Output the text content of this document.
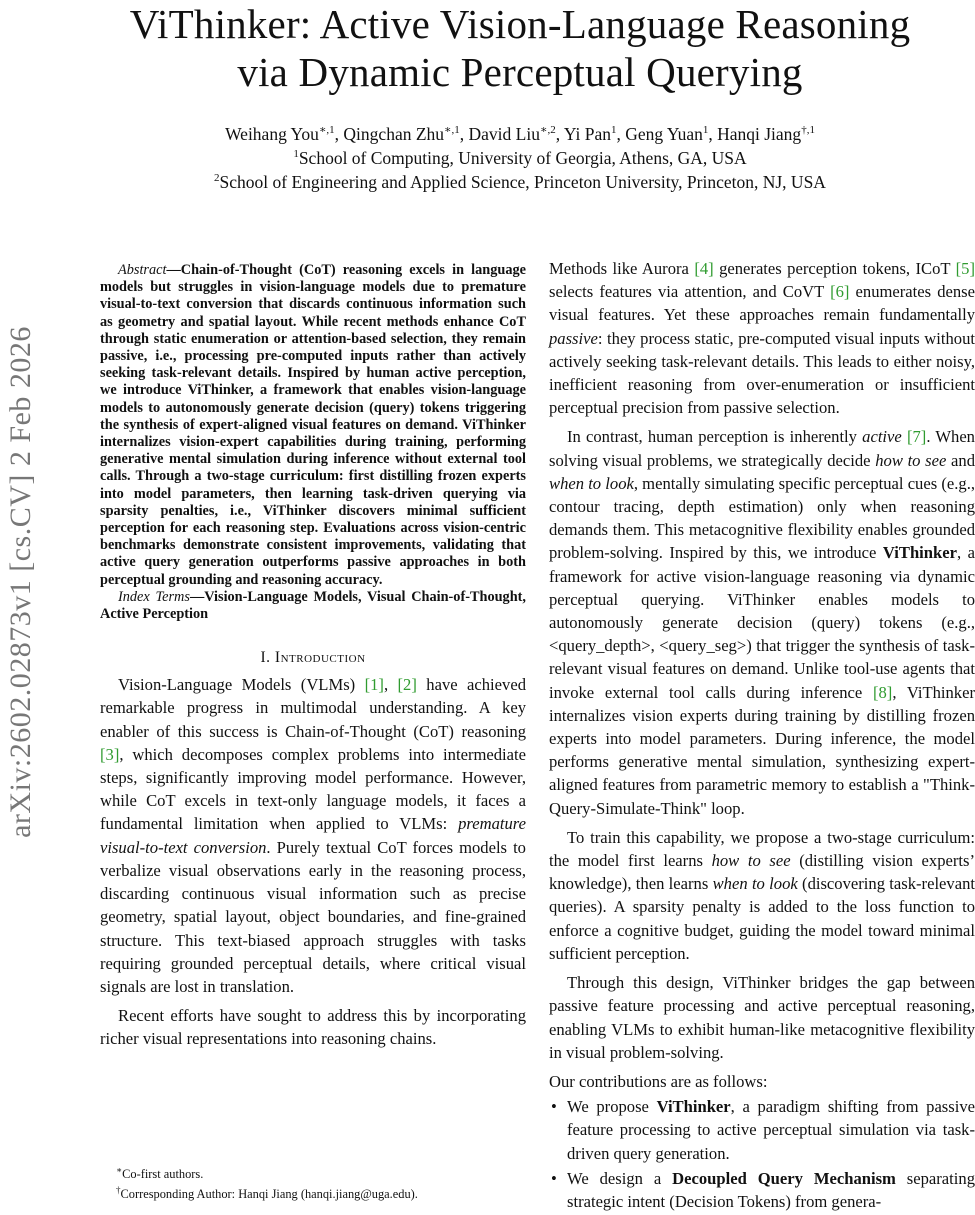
ViThinker: Active Vision-Language Reasoning
via Dynamic Perceptual Querying
Weihang You$^{∗,1}$, Qingchan Zhu$^{∗,1}$, David Liu$^{∗,2}$, Yi Pan$^1$, Geng Yuan$^1$, Hanqi Jiang$^{\dagger,1}$
$^1$School of Computing, University of Georgia, Athens, GA, USA
$^2$School of Engineering and Applied Science, Princeton University, Princeton, NJ, USA
arXiv:2602.02873v1 [cs.CV] 2 Feb 2026

Abstract—Chain-of-Thought (CoT) reasoning excels in language models but struggles in vision-language models due to premature visual-to-text conversion that discards continuous information such as geometry and spatial layout. While recent methods enhance CoT through static enumeration or attention-based selection, they remain passive, i.e., processing pre-computed inputs rather than actively seeking task-relevant details. Inspired by human active perception, we introduce ViThinker, a framework that enables vision-language models to autonomously generate decision (query) tokens triggering the synthesis of expert-aligned visual features on demand. ViThinker internalizes vision-expert capabilities during training, performing generative mental simulation during inference without external tool calls. Through a two-stage curriculum: first distilling frozen experts into model parameters, then learning task-driven querying via sparsity penalties, i.e., ViThinker discovers minimal sufficient perception for each reasoning step. Evaluations across vision-centric benchmarks demonstrate consistent improvements, validating that active query generation outperforms passive approaches in both perceptual grounding and reasoning accuracy.

Index Terms—Vision-Language Models, Visual Chain-of-Thought, Active Perception

I. Introduction

Vision-Language Models (VLMs) [1], [2] have achieved remarkable progress in multimodal understanding. A key enabler of this success is Chain-of-Thought (CoT) reasoning [3], which decomposes complex problems into intermediate steps, significantly improving model performance. However, while CoT excels in text-only language models, it faces a fundamental limitation when applied to VLMs: premature visual-to-text conversion. Purely textual CoT forces models to verbalize visual observations early in the reasoning process, discarding continuous visual information such as precise geometry, spatial layout, object boundaries, and fine-grained structure. This text-biased approach struggles with tasks requiring grounded perceptual details, where critical visual signals are lost in translation.

Recent efforts have sought to address this by incorporating richer visual representations into reasoning chains.

Methods like Aurora [4] generates perception tokens, ICoT [5] selects features via attention, and CoVT [6] enumerates dense visual features. Yet these approaches remain fundamentally passive: they process static, pre-computed visual inputs without actively seeking task-relevant details. This leads to either noisy, inefficient reasoning from over-enumeration or insufficient perceptual precision from passive selection.

In contrast, human perception is inherently active [7]. When solving visual problems, we strategically decide how to see and when to look, mentally simulating specific perceptual cues (e.g., contour tracing, depth estimation) only when reasoning demands them. This metacognitive flexibility enables grounded problem-solving. Inspired by this, we introduce ViThinker, a framework for active vision-language reasoning via dynamic perceptual querying. ViThinker enables models to autonomously generate decision (query) tokens (e.g., <query_depth>, <query_seg>) that trigger the synthesis of task-relevant visual features on demand. Unlike tool-use agents that invoke external tool calls during inference [8], ViThinker internalizes vision experts during training by distilling frozen experts into model parameters. During inference, the model performs generative mental simulation, synthesizing expert-aligned features from parametric memory to establish a "Think-Query-Simulate-Think" loop.

To train this capability, we propose a two-stage curriculum: the model first learns how to see (distilling vision experts’ knowledge), then learns when to look (discovering task-relevant queries). A sparsity penalty is added to the loss function to enforce a cognitive budget, guiding the model toward minimal sufficient perception.

Through this design, ViThinker bridges the gap between passive feature processing and active perceptual reasoning, enabling VLMs to exhibit human-like metacognitive flexibility in visual problem-solving.

Our contributions are as follows:

• We propose ViThinker, a paradigm shifting from passive feature processing to active perceptual simulation via task-driven query generation.
• We design a Decoupled Query Mechanism separating strategic intent (Decision Tokens) from genera-
∗Co-first authors.
†Corresponding Author: Hanqi Jiang (hanqi.jiang@uga.edu).
